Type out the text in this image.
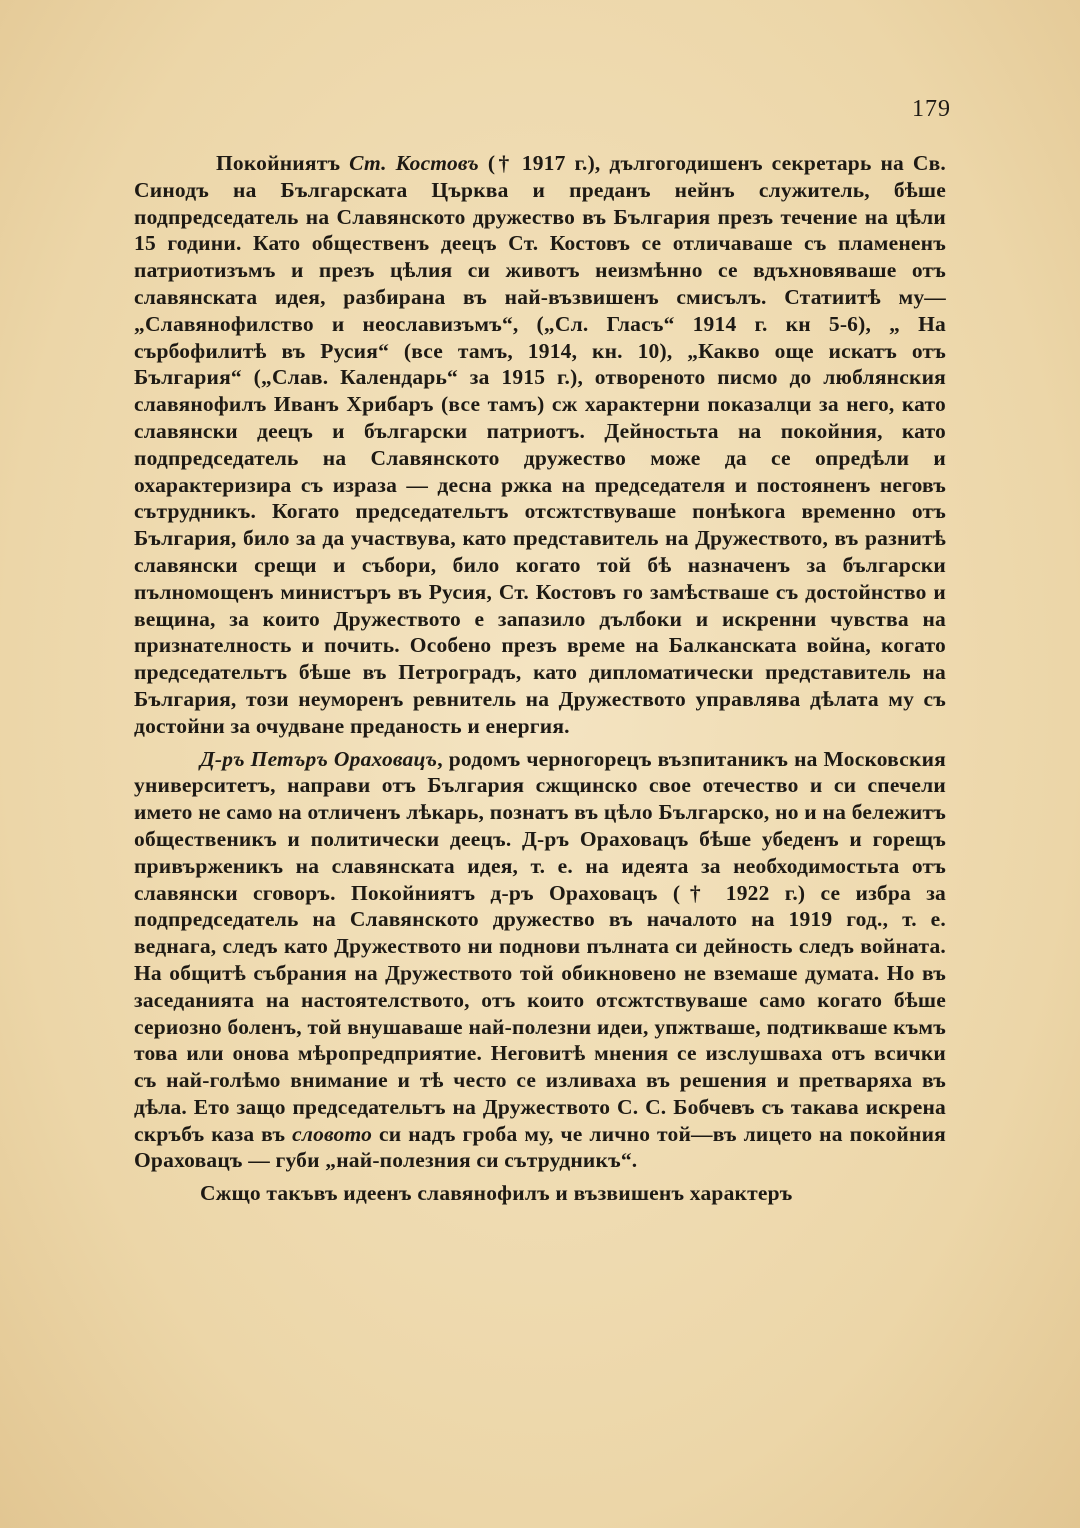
179

Покойниятъ Ст. Костовъ († 1917 г.), дългогодишенъ секретарь на Св. Синодъ на Българската Църква и преданъ нейнъ служитель, бѣше подпредседатель на Славянското дружество въ България презъ течение на цѣли 15 години. Като общественъ деецъ Ст. Костовъ се отличаваше съ пламененъ патриотизъмъ и презъ цѣлия си животъ неизмѣнно се вдъхновяваше отъ славянската идея, разбирана въ най-възвишенъ смисълъ. Статиитѣ му—„Славянофилство и неославизъмъ“, („Сл. Гласъ“ 1914 г. кн 5-6), „ На сърбофилитѣ въ Русия“ (все тамъ, 1914, кн. 10), „Какво още искатъ отъ България“ („Слав. Календарь“ за 1915 г.), отвореното писмо до люблянския славянофилъ Иванъ Хрибаръ (все тамъ) сж характерни показалци за него, като славянски деецъ и български патриотъ. Дейностьта на покойния, като подпредседатель на Славянското дружество може да се опредѣли и охарактеризира съ израза — десна ржка на председателя и постояненъ неговъ сътрудникъ. Когато председательтъ отсжтствуваше понѣкога временно отъ България, било за да участвува, като представитель на Дружеството, въ разнитѣ славянски срещи и събори, било когато той бѣ назначенъ за български пълномощенъ министъръ въ Русия, Ст. Костовъ го замѣстваше съ достойнство и вещина, за които Дружеството е запазило дълбоки и искренни чувства на признателность и почить. Особено презъ време на Балканската война, когато председательтъ бѣше въ Петроградъ, като дипломатически представитель на България, този неуморенъ ревнитель на Дружеството управлява дѣлата му съ достойни за очудване преданость и енергия.

Д-ръ Петъръ Ораховацъ, родомъ черногорецъ възпитаникъ на Московския университетъ, направи отъ България сжщинско свое отечество и си спечели името не само на отличенъ лѣкарь, познатъ въ цѣло Българско, но и на бележитъ общественикъ и политически деецъ. Д-ръ Ораховацъ бѣше убеденъ и горещъ привърженикъ на славянската идея, т. е. на идеята за необходимостьта отъ славянски сговоръ. Покойниятъ д-ръ Ораховацъ († 1922 г.) се избра за подпредседатель на Славянското дружество въ началото на 1919 год., т. е. веднага, следъ като Дружеството ни поднови пълната си дейность следъ войната. На общитѣ събрания на Дружеството той обикновено не вземаше думата. Но въ заседанията на настоятелството, отъ които отсжтствуваше само когато бѣше сериозно боленъ, той внушаваше най-полезни идеи, упжтваше, подтикваше къмъ това или онова мѣропредприятие. Неговитѣ мнения се изслушваха отъ всички съ най-голѣмо внимание и тѣ често се изливаха въ решения и претваряха въ дѣла. Ето защо председательтъ на Дружеството С. С. Бобчевъ съ такава искрена скръбъ каза въ словото си надъ гроба му, че лично той—въ лицето на покойния Ораховацъ — губи „най-полезния си сътрудникъ“.

Сжщо такъвъ идеенъ славянофилъ и възвишенъ характеръ
